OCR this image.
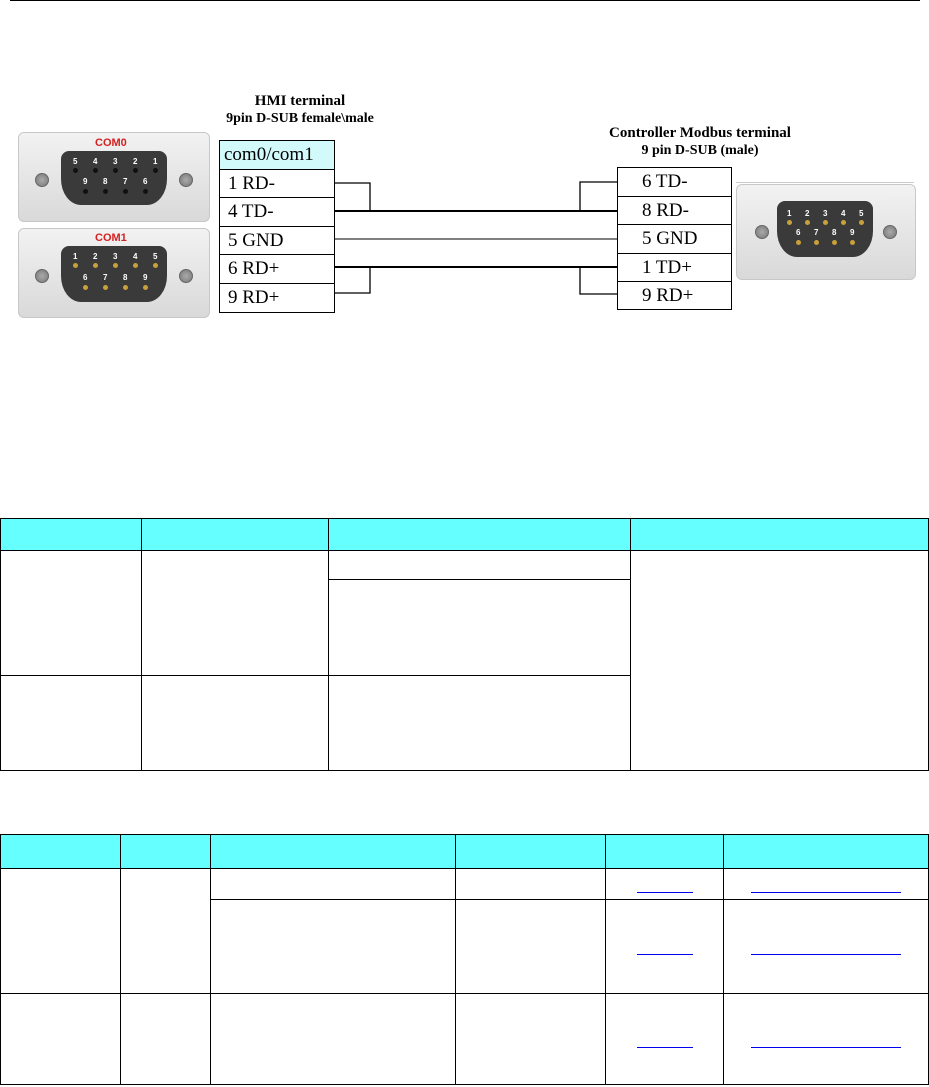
HMI terminal
9pin D-SUB female\male
Controller Modbus terminal
9 pin D-SUB (male)
COM0
5 4 3 2 1
9 8 7 6
COM1
1 2 3 4 5
6 7 8 9
1 2 3 4 5
6 7 8 9
com0/com1
1 RD-
4 TD-
5 GND
6 RD+
9 RD+
6 TD-
8 RD-
5 GND
1 TD+
9 RD+
